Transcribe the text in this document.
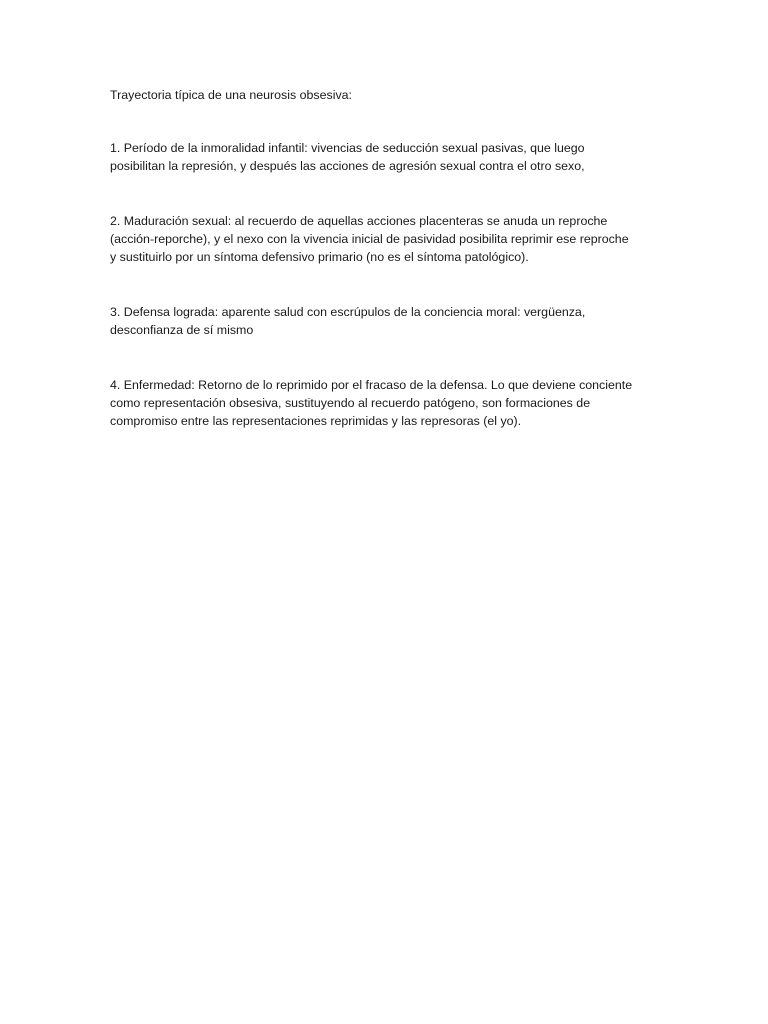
Trayectoria típica de una neurosis obsesiva:
1. Período de la inmoralidad infantil: vivencias de seducción sexual pasivas, que luego
posibilitan la represión, y después las acciones de agresión sexual contra el otro sexo,
2. Maduración sexual: al recuerdo de aquellas acciones placenteras se anuda un reproche
(acción-reporche), y el nexo con la vivencia inicial de pasividad posibilita reprimir ese reproche
y sustituirlo por un síntoma defensivo primario (no es el síntoma patológico).
3. Defensa lograda: aparente salud con escrúpulos de la conciencia moral: vergüenza,
desconfianza de sí mismo
4. Enfermedad: Retorno de lo reprimido por el fracaso de la defensa. Lo que deviene conciente
como representación obsesiva, sustituyendo al recuerdo patógeno, son formaciones de
compromiso entre las representaciones reprimidas y las represoras (el yo).
